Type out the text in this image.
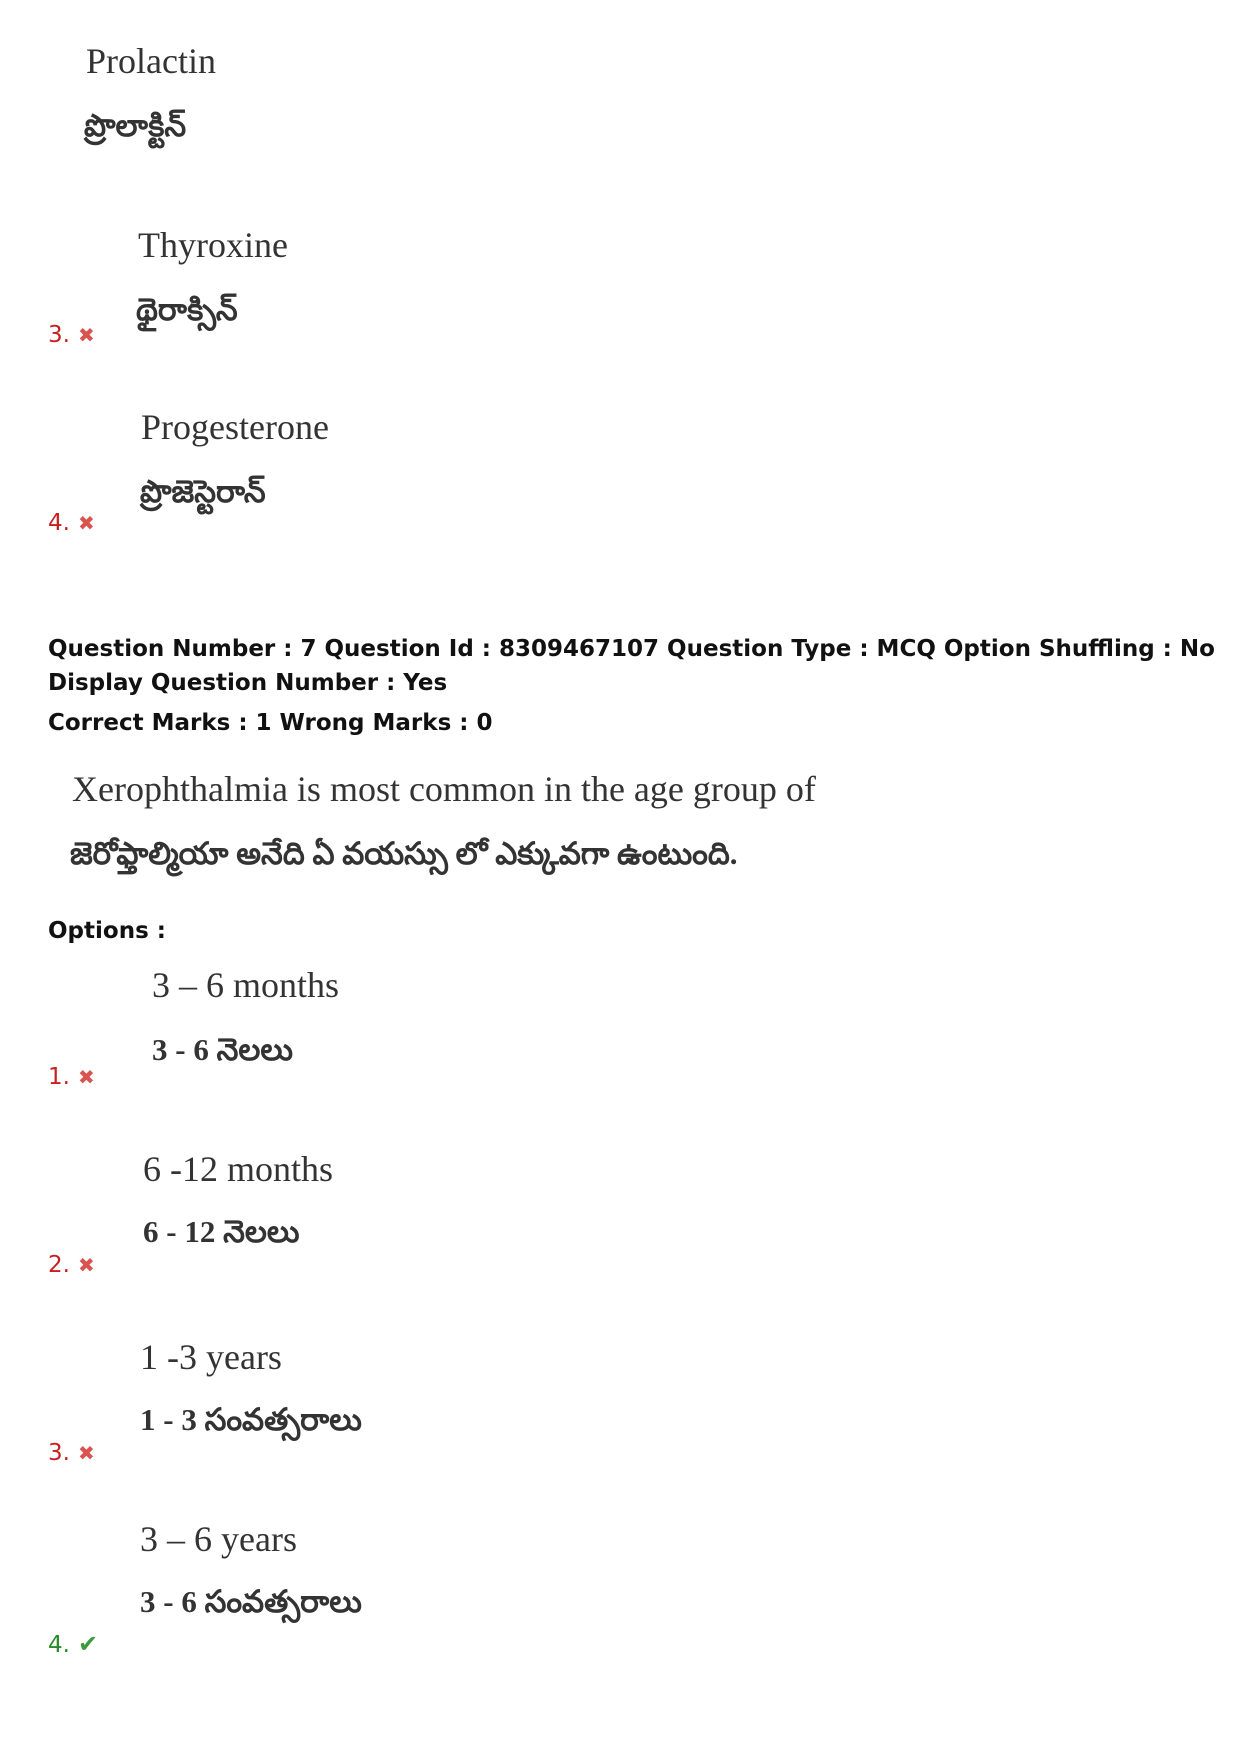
Prolactin
ప్రొలాక్టిన్
Thyroxine
థైరాక్సిన్
3. ✖
Progesterone
ప్రొజెస్టెరాన్
4. ✖
Question Number : 7 Question Id : 8309467107 Question Type : MCQ Option Shuffling : No
Display Question Number : Yes
Correct Marks : 1 Wrong Marks : 0
Xerophthalmia is most common in the age group of
జెరోఫ్తాల్మియా అనేది ఏ వయస్సు లో ఎక్కువగా ఉంటుంది.
Options :
3 – 6 months
3 - 6 నెలలు
1. ✖
6 -12 months
6 - 12 నెలలు
2. ✖
1 -3 years
1 - 3 సంవత్సరాలు
3. ✖
3 – 6 years
3 - 6 సంవత్సరాలు
4. ✔
